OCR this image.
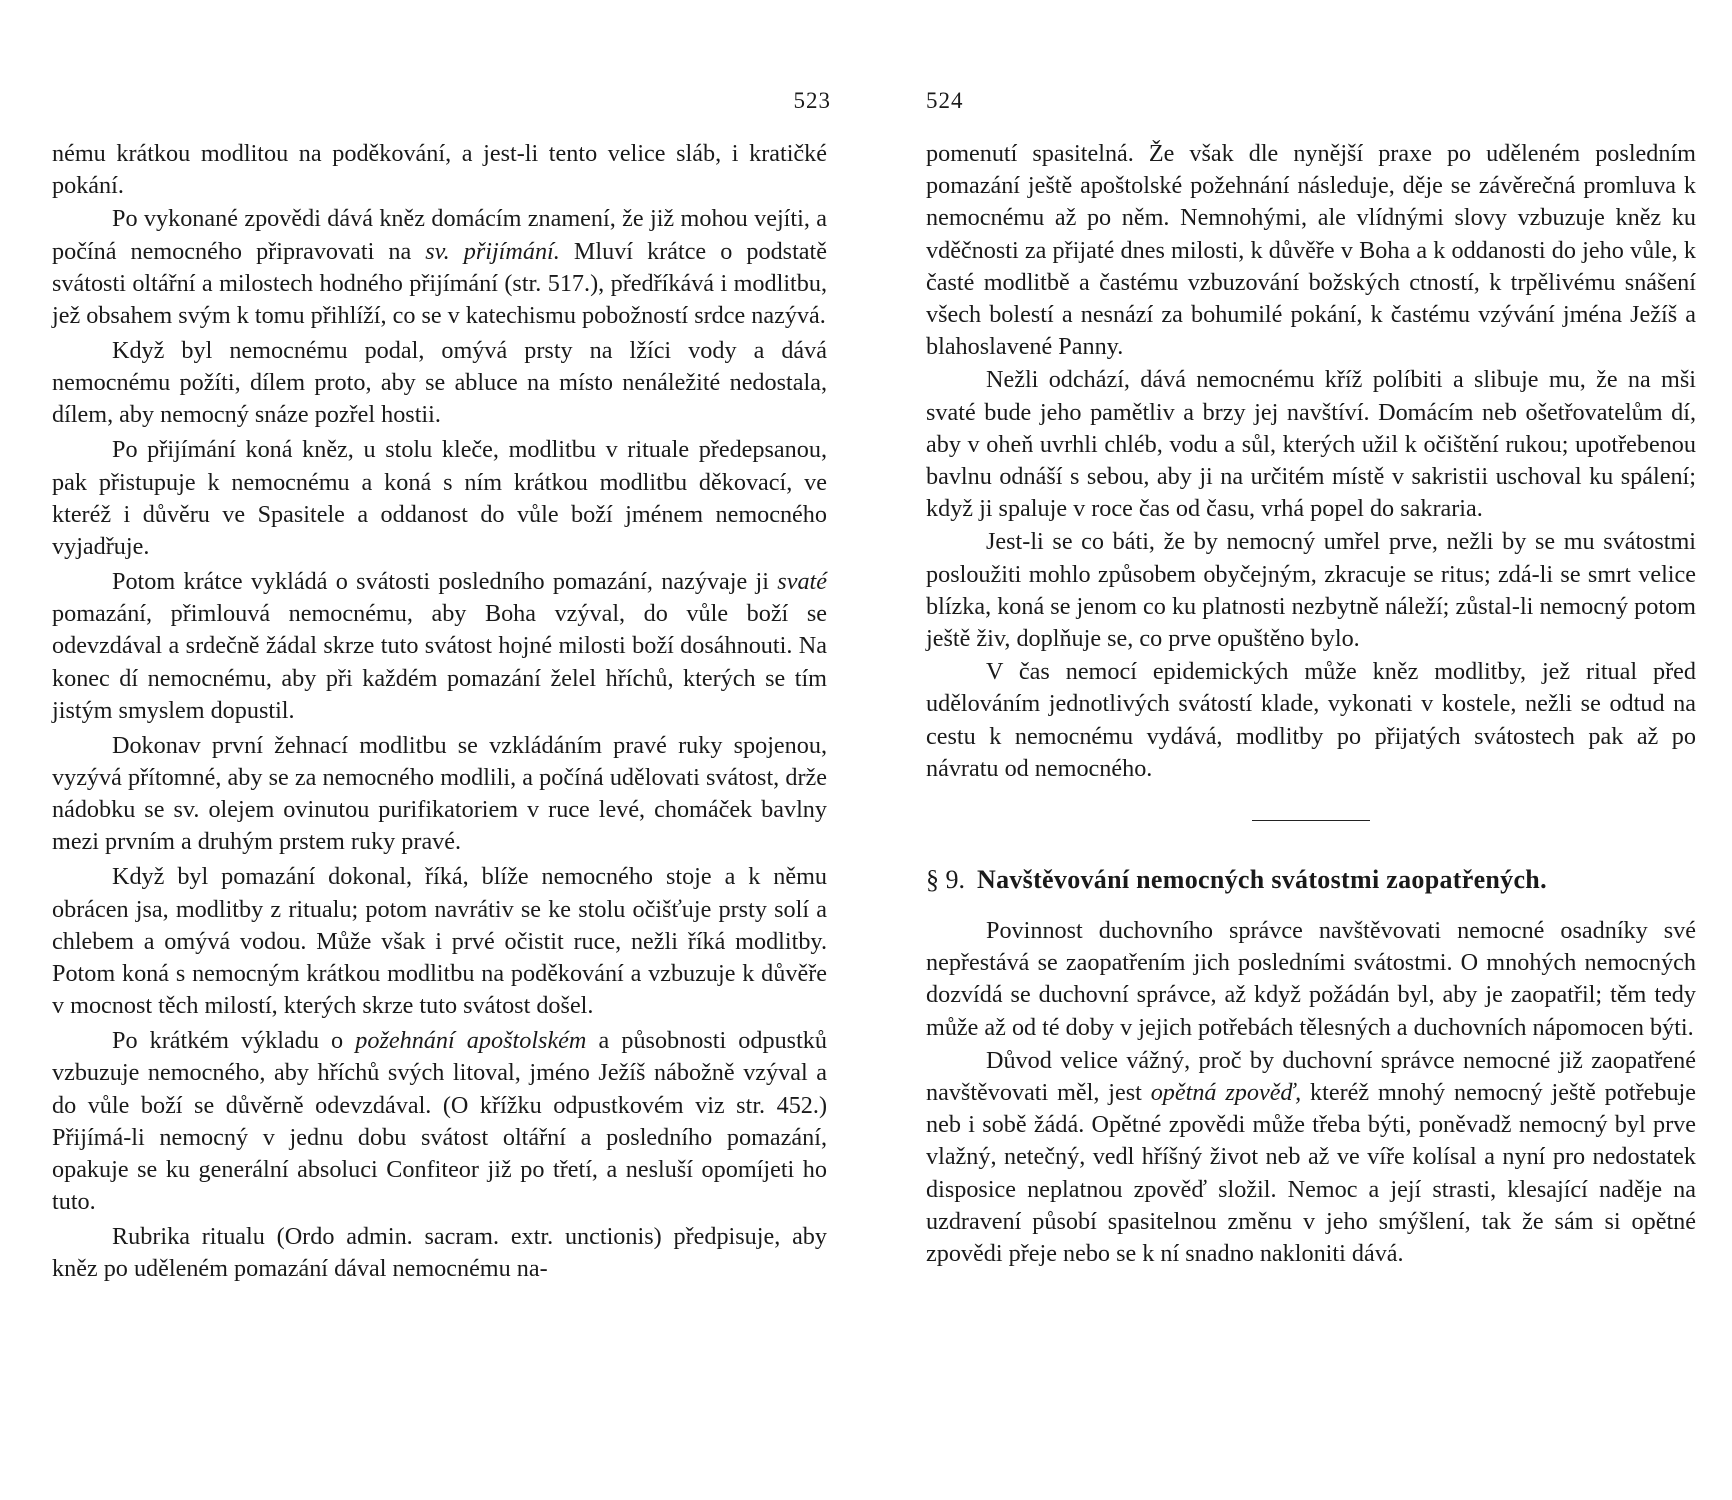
523

nému krátkou modlitou na poděkování, a jest-li tento velice sláb, i kratičké pokání.

Po vykonané zpovědi dává kněz domácím znamení, že již mohou vejíti, a počíná nemocného připravovati na sv. přijímání. Mluví krátce o podstatě svátosti oltářní a milostech hodného přijímání (str. 517.), předříkává i modlitbu, jež obsahem svým k tomu přihlíží, co se v katechismu pobožností srdce nazývá.

Když byl nemocnému podal, omývá prsty na lžíci vody a dává nemocnému požíti, dílem proto, aby se abluce na místo nenáležité nedostala, dílem, aby nemocný snáze pozřel hostii.

Po přijímání koná kněz, u stolu kleče, modlitbu v rituale předepsanou, pak přistupuje k nemocnému a koná s ním krátkou modlitbu děkovací, ve kteréž i důvěru ve Spasitele a oddanost do vůle boží jménem nemocného vyjadřuje.

Potom krátce vykládá o svátosti posledního pomazání, nazývaje ji svaté pomazání, přimlouvá nemocnému, aby Boha vzýval, do vůle boží se odevzdával a srdečně žádal skrze tuto svátost hojné milosti boží dosáhnouti. Na konec dí nemocnému, aby při každém pomazání želel hříchů, kterých se tím jistým smyslem dopustil.

Dokonav první žehnací modlitbu se vzkládáním pravé ruky spojenou, vyzývá přítomné, aby se za nemocného modlili, a počíná udělovati svátost, drže nádobku se sv. olejem ovinutou purifikatoriem v ruce levé, chomáček bavlny mezi prvním a druhým prstem ruky pravé.

Když byl pomazání dokonal, říká, blíže nemocného stoje a k němu obrácen jsa, modlitby z ritualu; potom navrátiv se ke stolu očišťuje prsty solí a chlebem a omývá vodou. Může však i prvé očistit ruce, nežli říká modlitby. Potom koná s nemocným krátkou modlitbu na poděkování a vzbuzuje k důvěře v mocnost těch milostí, kterých skrze tuto svátost došel.

Po krátkém výkladu o požehnání apoštolském a působnosti odpustků vzbuzuje nemocného, aby hříchů svých litoval, jméno Ježíš nábožně vzýval a do vůle boží se důvěrně odevzdával. (O křížku odpustkovém viz str. 452.) Přijímá-li nemocný v jednu dobu svátost oltářní a posledního pomazání, opakuje se ku generální absoluci Confiteor již po třetí, a nesluší opomíjeti ho tuto.

Rubrika ritualu (Ordo admin. sacram. extr. unctionis) předpisuje, aby kněz po uděleném pomazání dával nemocnému na-

524

pomenutí spasitelná. Že však dle nynější praxe po uděleném posledním pomazání ještě apoštolské požehnání následuje, děje se závěrečná promluva k nemocnému až po něm. Nemnohými, ale vlídnými slovy vzbuzuje kněz ku vděčnosti za přijaté dnes milosti, k důvěře v Boha a k oddanosti do jeho vůle, k časté modlitbě a častému vzbuzování božských ctností, k trpělivému snášení všech bolestí a nesnází za bohumilé pokání, k častému vzývání jména Ježíš a blahoslavené Panny.

Nežli odchází, dává nemocnému kříž políbiti a slibuje mu, že na mši svaté bude jeho pamětliv a brzy jej navštíví. Domácím neb ošetřovatelům dí, aby v oheň uvrhli chléb, vodu a sůl, kterých užil k očištění rukou; upotřebenou bavlnu odnáší s sebou, aby ji na určitém místě v sakristii uschoval ku spálení; když ji spaluje v roce čas od času, vrhá popel do sakraria.

Jest-li se co báti, že by nemocný umřel prve, nežli by se mu svátostmi posloužiti mohlo způsobem obyčejným, zkracuje se ritus; zdá-li se smrt velice blízka, koná se jenom co ku platnosti nezbytně náleží; zůstal-li nemocný potom ještě živ, doplňuje se, co prve opuštěno bylo.

V čas nemocí epidemických může kněz modlitby, jež ritual před udělováním jednotlivých svátostí klade, vykonati v kostele, nežli se odtud na cestu k nemocnému vydává, modlitby po přijatých svátostech pak až po návratu od nemocného.

§ 9. Navštěvování nemocných svátostmi zaopatřených.

Povinnost duchovního správce navštěvovati nemocné osadníky své nepřestává se zaopatřením jich posledními svátostmi. O mnohých nemocných dozvídá se duchovní správce, až když požádán byl, aby je zaopatřil; těm tedy může až od té doby v jejich potřebách tělesných a duchovních nápomocen býti.

Důvod velice vážný, proč by duchovní správce nemocné již zaopatřené navštěvovati měl, jest opětná zpověď, kteréž mnohý nemocný ještě potřebuje neb i sobě žádá. Opětné zpovědi může třeba býti, poněvadž nemocný byl prve vlažný, netečný, vedl hříšný život neb až ve víře kolísal a nyní pro nedostatek disposice neplatnou zpověď složil. Nemoc a její strasti, klesající naděje na uzdravení působí spasitelnou změnu v jeho smýšlení, tak že sám si opětné zpovědi přeje nebo se k ní snadno nakloniti dává.
